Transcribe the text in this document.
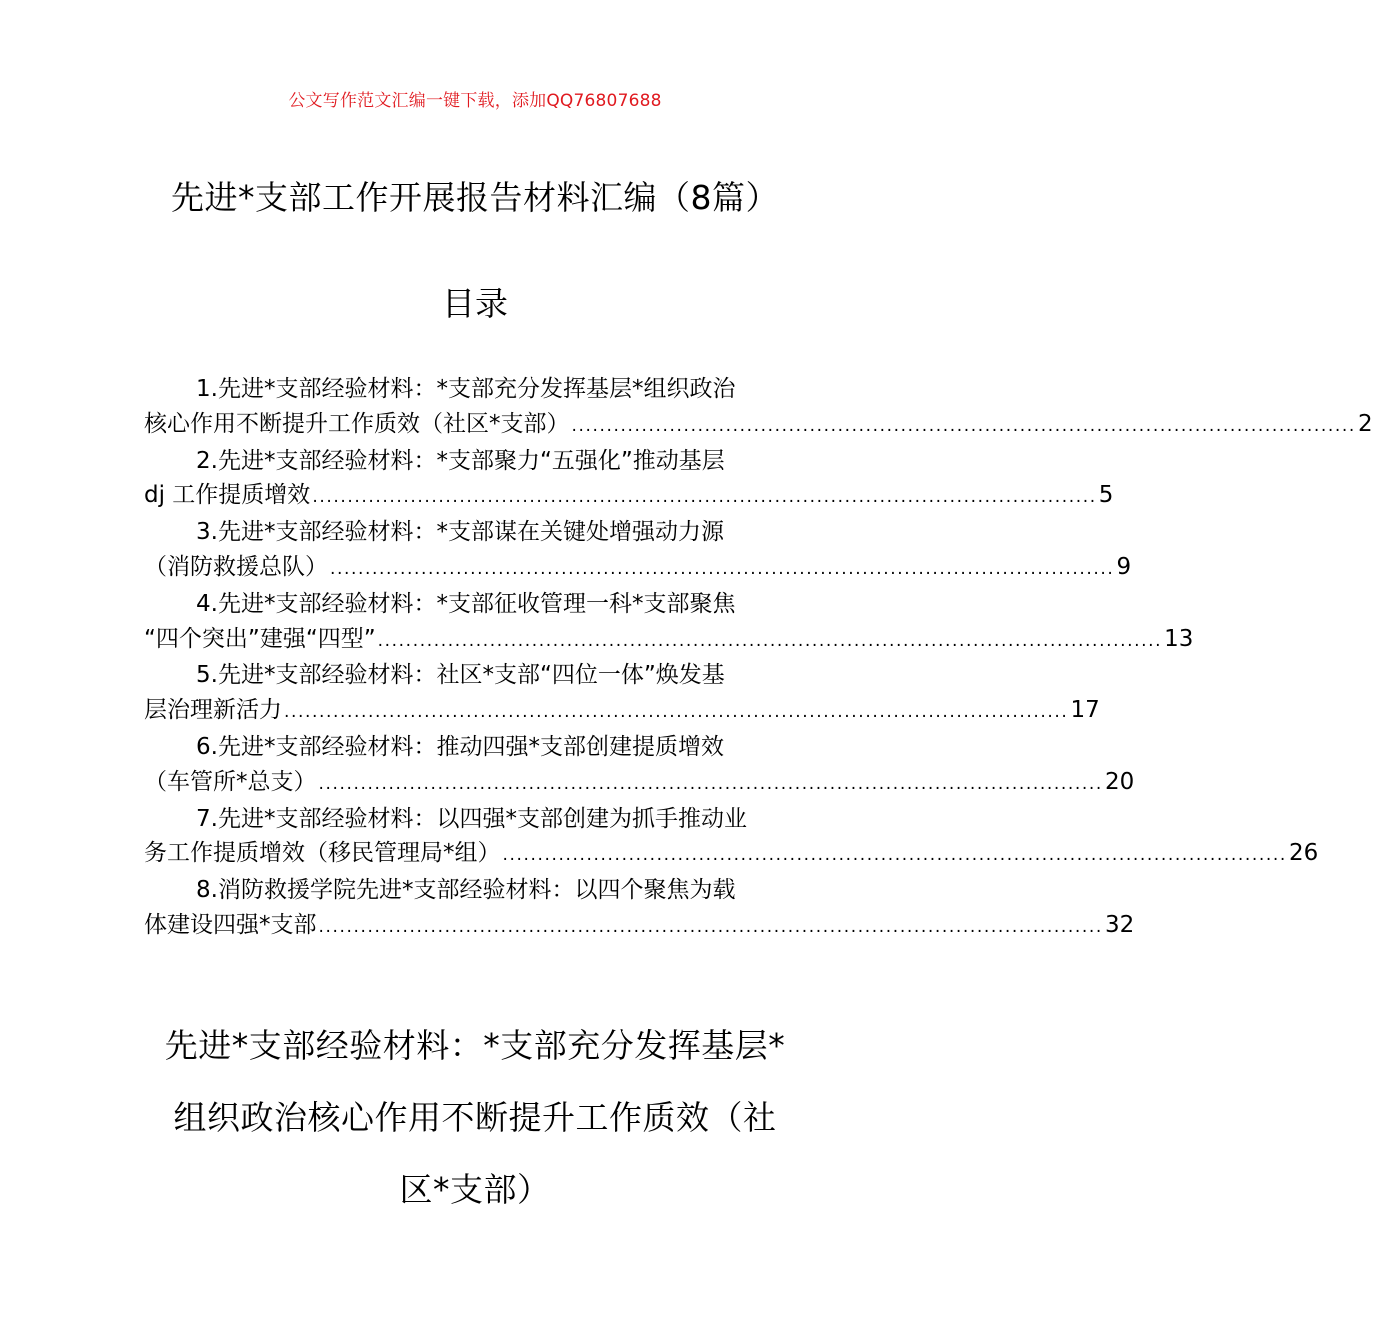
公文写作范文汇编一键下载，添加QQ76807688
先进*支部工作开展报告材料汇编（8篇）
目录
1.先进*支部经验材料：*支部充分发挥基层*组织政治
核心作用不断提升工作质效（社区*支部） ................................................................................................................ 2
2.先进*支部经验材料：*支部聚力“五强化”推动基层
dj 工作提质增效 ................................................................................................................ 5
3.先进*支部经验材料：*支部谋在关键处增强动力源
（消防救援总队） ................................................................................................................ 9
4.先进*支部经验材料：*支部征收管理一科*支部聚焦
“四个突出”建强“四型” ................................................................................................................ 13
5.先进*支部经验材料：社区*支部“四位一体”焕发基
层治理新活力 ................................................................................................................ 17
6.先进*支部经验材料：推动四强*支部创建提质增效
（车管所*总支） ................................................................................................................ 20
7.先进*支部经验材料：以四强*支部创建为抓手推动业
务工作提质增效（移民管理局*组） ................................................................................................................ 26
8.消防救援学院先进*支部经验材料：以四个聚焦为载
体建设四强*支部 ................................................................................................................ 32
先进*支部经验材料：*支部充分发挥基层*
组织政治核心作用不断提升工作质效（社
区*支部）
